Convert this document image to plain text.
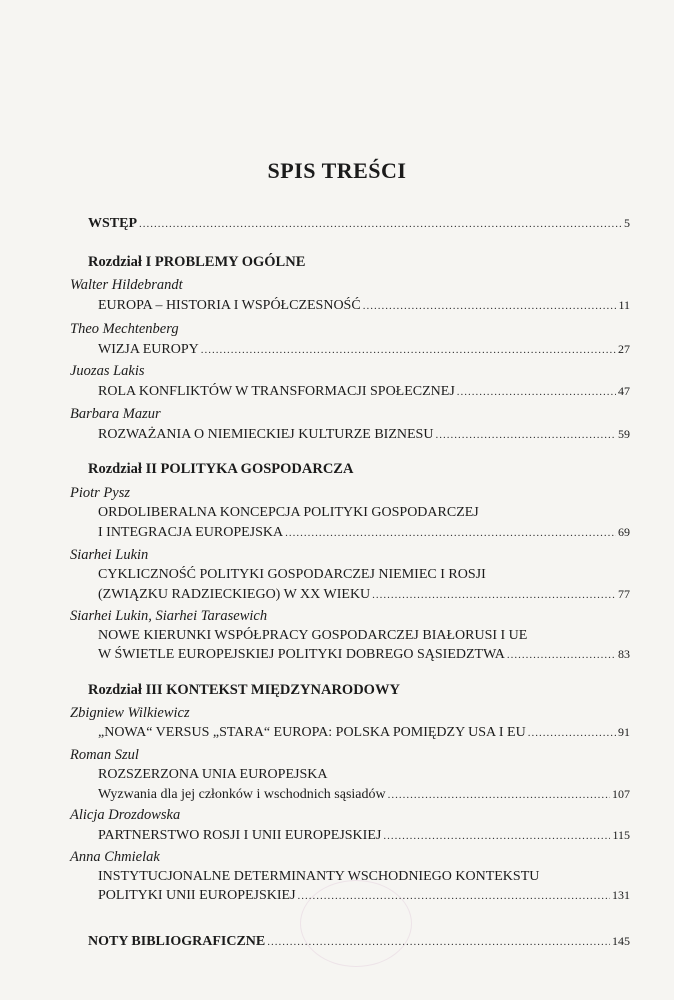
SPIS TREŚCI
WSTĘP .....	5
Rozdział I PROBLEMY OGÓLNE
Walter Hildebrandt
EUROPA – HISTORIA I WSPÓŁCZESNOŚĆ .....	11
Theo Mechtenberg
WIZJA EUROPY .....	27
Juozas Lakis
ROLA KONFLIKTÓW W TRANSFORMACJI SPOŁECZNEJ .....	47
Barbara Mazur
ROZWAŻANIA O NIEMIECKIEJ KULTURZE BIZNESU .....	59
Rozdział II POLITYKA GOSPODARCZA
Piotr Pysz
ORDOLIBERALNA KONCEPCJA POLITYKI GOSPODARCZEJ
I INTEGRACJA EUROPEJSKA .....	69
Siarhei Lukin
CYKLICZNOŚĆ POLITYKI GOSPODARCZEJ NIEMIEC I ROSJI
(ZWIĄZKU RADZIECKIEGO) W XX WIEKU .....	77
Siarhei Lukin, Siarhei Tarasewich
NOWE KIERUNKI WSPÓŁPRACY GOSPODARCZEJ BIAŁORUSI I UE
W ŚWIETLE EUROPEJSKIEJ POLITYKI DOBREGO SĄSIEDZTWA .....	83
Rozdział III KONTEKST MIĘDZYNARODOWY
Zbigniew Wilkiewicz
„NOWA“ VERSUS „STARA“ EUROPA: POLSKA POMIĘDZY USA I EU .....	91
Roman Szul
ROZSZERZONA UNIA EUROPEJSKA
Wyzwania dla jej członków i wschodnich sąsiadów .....	107
Alicja Drozdowska
PARTNERSTWO ROSJI I UNII EUROPEJSKIEJ .....	115
Anna Chmielak
INSTYTUCJONALNE DETERMINANTY WSCHODNIEGO KONTEKSTU
POLITYKI UNII EUROPEJSKIEJ .....	131
NOTY BIBLIOGRAFICZNE .....	145
